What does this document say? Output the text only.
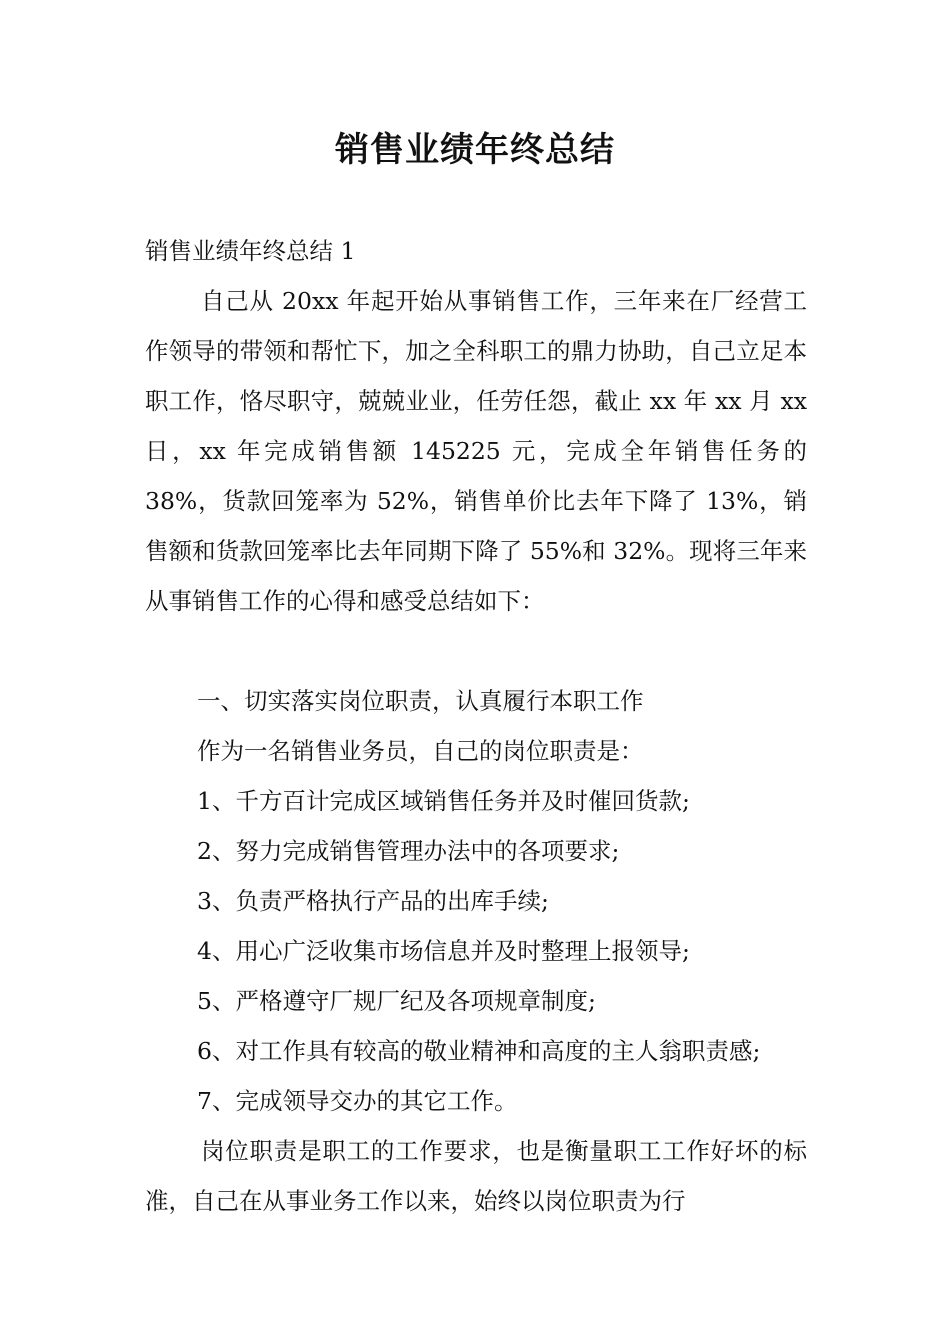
销售业绩年终总结

销售业绩年终总结 1

自己从 20xx 年起开始从事销售工作，三年来在厂经营工作领导的带领和帮忙下，加之全科职工的鼎力协助，自己立足本职工作，恪尽职守，兢兢业业，任劳任怨，截止 xx 年 xx 月 xx 日，xx 年完成销售额 145225 元，完成全年销售任务的 38%，货款回笼率为 52%，销售单价比去年下降了 13%，销售额和货款回笼率比去年同期下降了 55%和 32%。现将三年来从事销售工作的心得和感受总结如下：

一、切实落实岗位职责，认真履行本职工作

作为一名销售业务员，自己的岗位职责是：

1、千方百计完成区域销售任务并及时催回货款;

2、努力完成销售管理办法中的各项要求;

3、负责严格执行产品的出库手续;

4、用心广泛收集市场信息并及时整理上报领导;

5、严格遵守厂规厂纪及各项规章制度;

6、对工作具有较高的敬业精神和高度的主人翁职责感;

7、完成领导交办的其它工作。

岗位职责是职工的工作要求，也是衡量职工工作好坏的标准，自己在从事业务工作以来，始终以岗位职责为行
